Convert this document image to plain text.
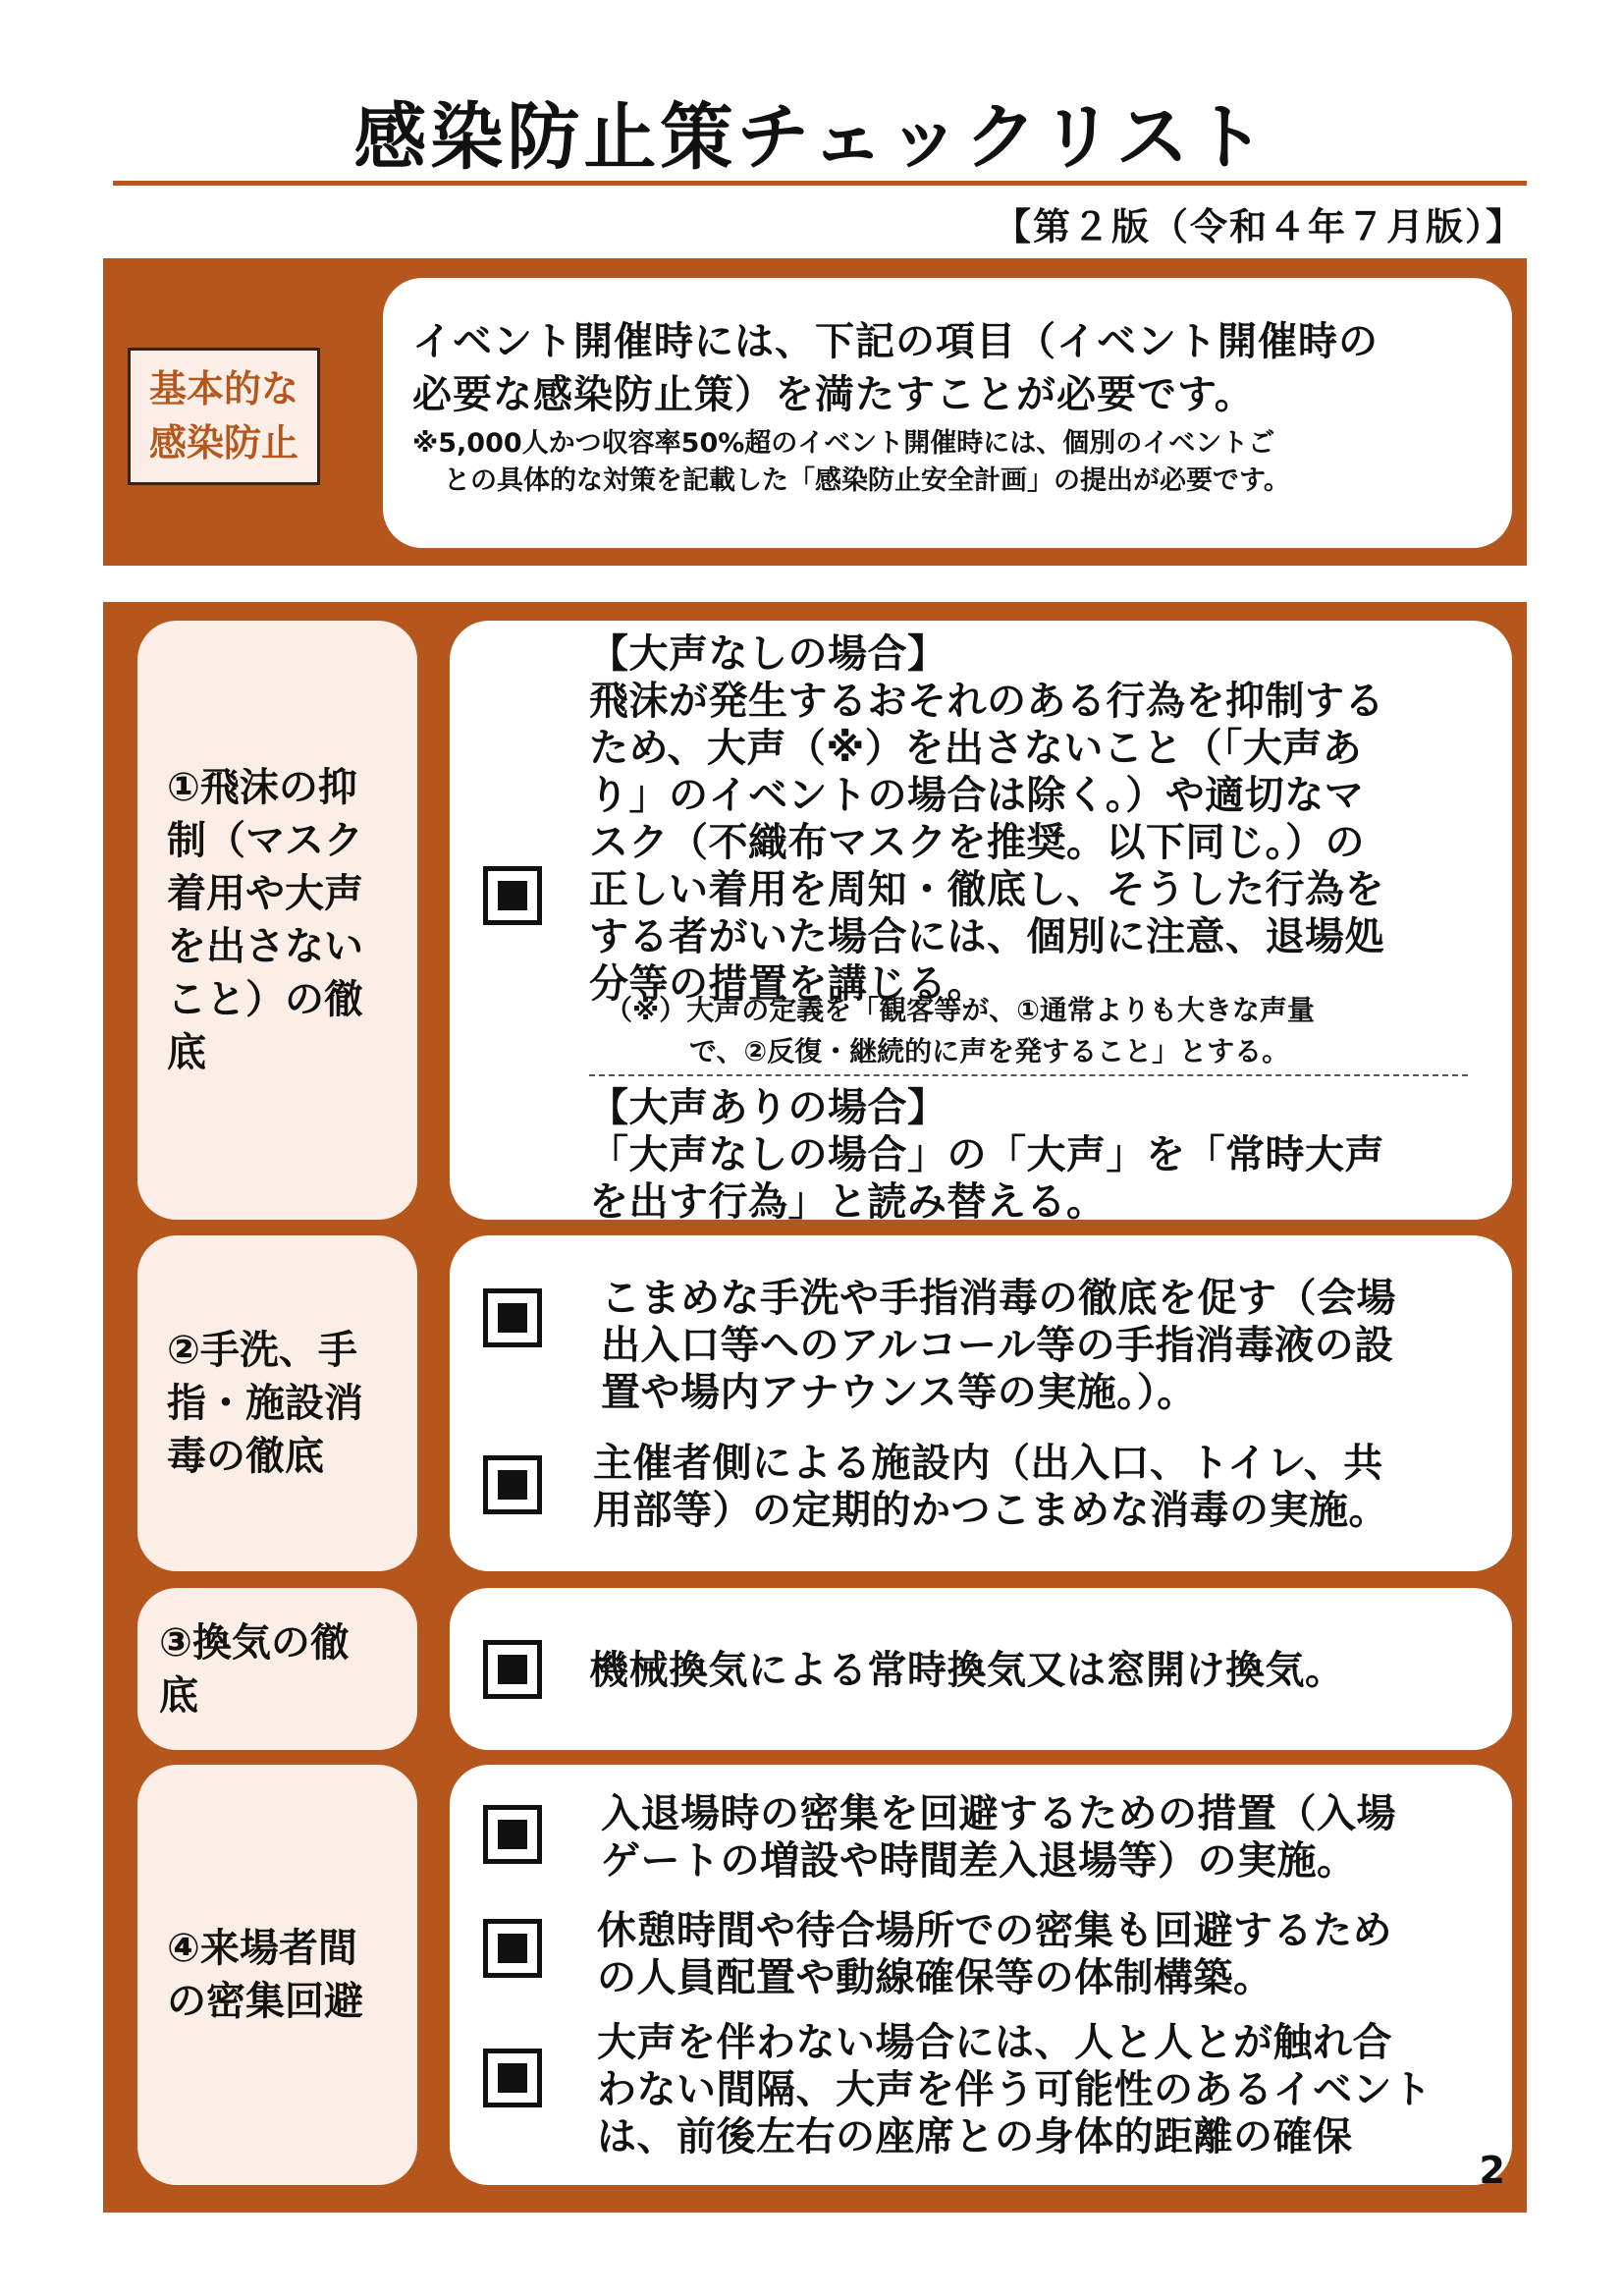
感染防止策チェックリスト
【第２版（令和４年７月版）】
基本的な
感染防止
イベント開催時には、下記の項目（イベント開催時の
必要な感染防止策）を満たすことが必要です。
※5,000人かつ収容率50%超のイベント開催時には、個別のイベントご
との具体的な対策を記載した「感染防止安全計画」の提出が必要です。
①飛沫の抑
制（マスク
着用や大声
を出さない
こと）の徹
底
【大声なしの場合】
飛沫が発生するおそれのある行為を抑制する
ため、大声（※）を出さないこと（「大声あ
り」のイベントの場合は除く。）や適切なマ
スク（不織布マスクを推奨。以下同じ。）の
正しい着用を周知・徹底し、そうした行為を
する者がいた場合には、個別に注意、退場処
分等の措置を講じる。
（※）大声の定義を「観客等が、①通常よりも大きな声量
で、②反復・継続的に声を発すること」とする。
【大声ありの場合】
「大声なしの場合」の「大声」を「常時大声
を出す行為」と読み替える。
②手洗、手
指・施設消
毒の徹底
こまめな手洗や手指消毒の徹底を促す（会場
出入口等へのアルコール等の手指消毒液の設
置や場内アナウンス等の実施。）。
主催者側による施設内（出入口、トイレ、共
用部等）の定期的かつこまめな消毒の実施。
③換気の徹
底
機械換気による常時換気又は窓開け換気。
④来場者間
の密集回避
入退場時の密集を回避するための措置（入場
ゲートの増設や時間差入退場等）の実施。
休憩時間や待合場所での密集も回避するため
の人員配置や動線確保等の体制構築。
大声を伴わない場合には、人と人とが触れ合
わない間隔、大声を伴う可能性のあるイベント
は、前後左右の座席との身体的距離の確保
2
